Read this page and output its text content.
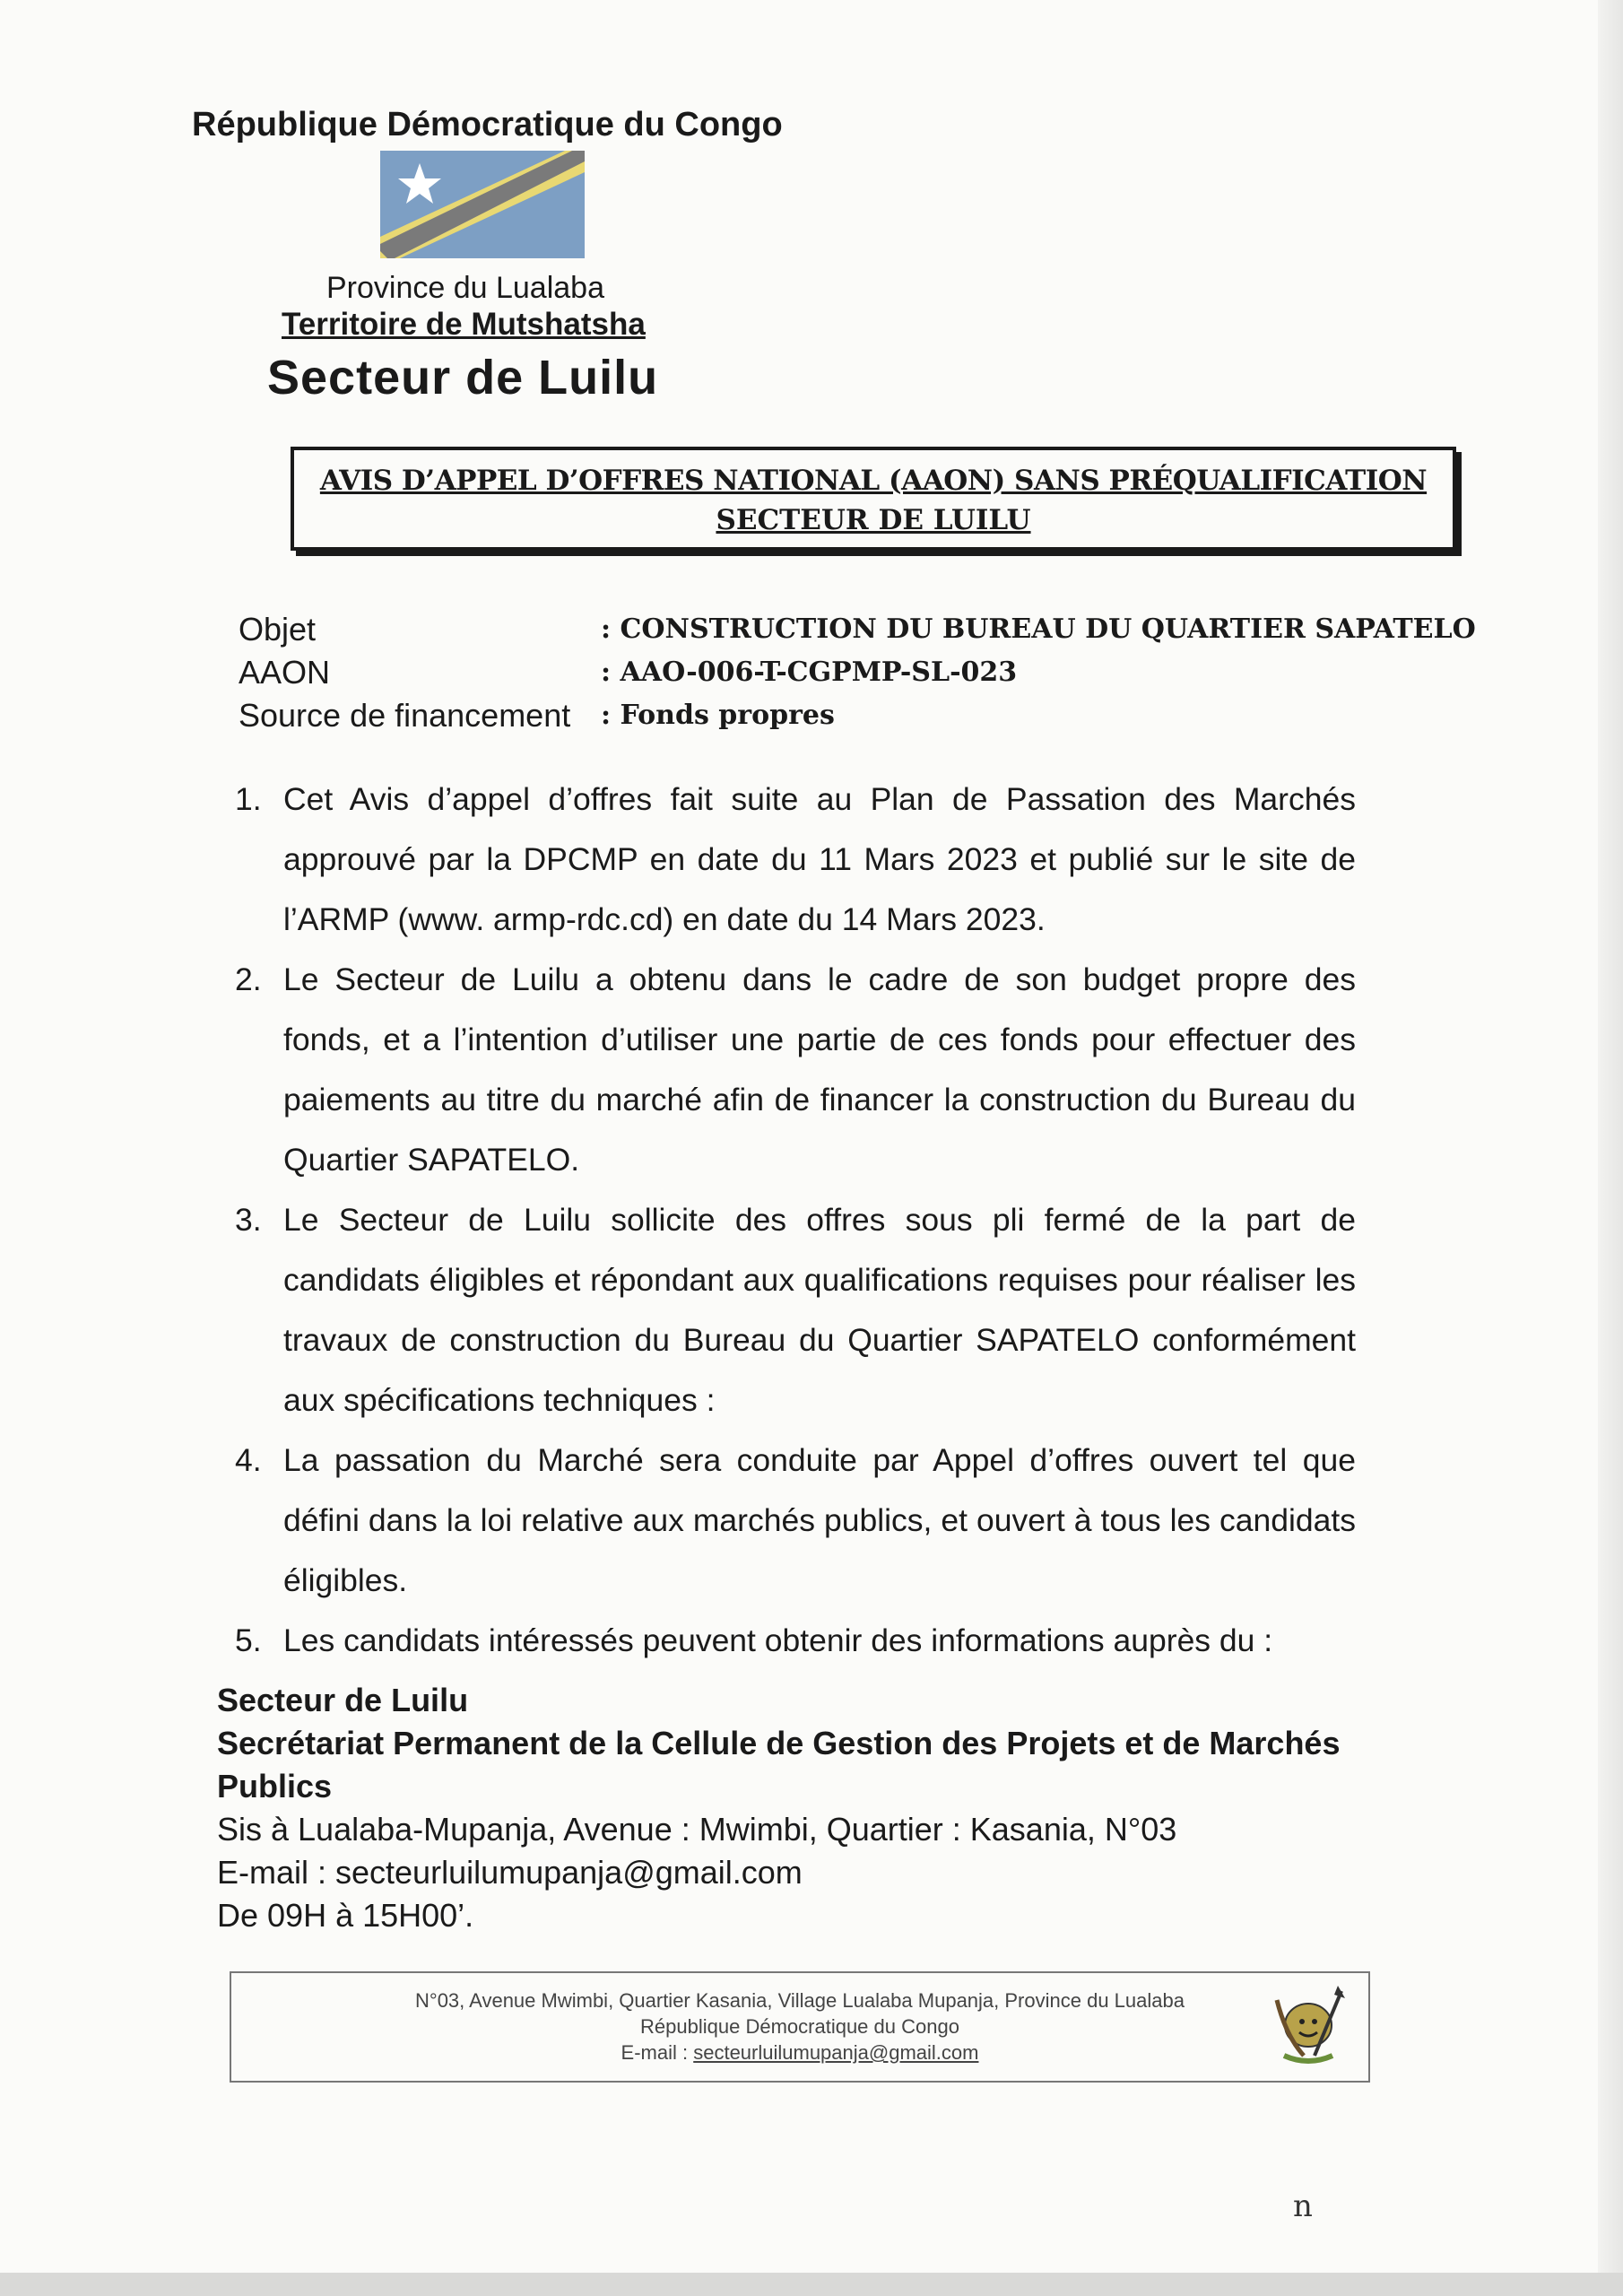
République Démocratique du Congo
Province du Lualaba
Territoire de Mutshatsha
Secteur de Luilu
AVIS D’APPEL D’OFFRES NATIONAL (AAON) SANS PRÉQUALIFICATION
SECTEUR DE LUILU
Objet	: CONSTRUCTION DU BUREAU DU QUARTIER SAPATELO
AAON	: AAO-006-T-CGPMP-SL-023
Source de financement	: Fonds propres
1. Cet Avis d’appel d’offres fait suite au Plan de Passation des Marchés approuvé par la DPCMP en date du 11 Mars 2023 et publié sur le site de l’ARMP (www. armp-rdc.cd) en date du 14 Mars 2023.
2. Le Secteur de Luilu a obtenu dans le cadre de son budget propre des fonds, et a l’intention d’utiliser une partie de ces fonds pour effectuer des paiements au titre du marché afin de financer la construction du Bureau du Quartier SAPATELO.
3. Le Secteur de Luilu sollicite des offres sous pli fermé de la part de candidats éligibles et répondant aux qualifications requises pour réaliser les travaux de construction du Bureau du Quartier SAPATELO conformément aux spécifications techniques :
4. La passation du Marché sera conduite par Appel d’offres ouvert tel que défini dans la loi relative aux marchés publics, et ouvert à tous les candidats éligibles.
5. Les candidats intéressés peuvent obtenir des informations auprès du :
Secteur de Luilu
Secrétariat Permanent de la Cellule de Gestion des Projets et de Marchés Publics
Sis à Lualaba-Mupanja, Avenue : Mwimbi, Quartier : Kasania, N°03
E-mail : secteurluilumupanja@gmail.com
De 09H à 15H00’.
N°03, Avenue Mwimbi, Quartier Kasania, Village Lualaba Mupanja, Province du Lualaba
République Démocratique du Congo
E-mail : secteurluilumupanja@gmail.com
n
